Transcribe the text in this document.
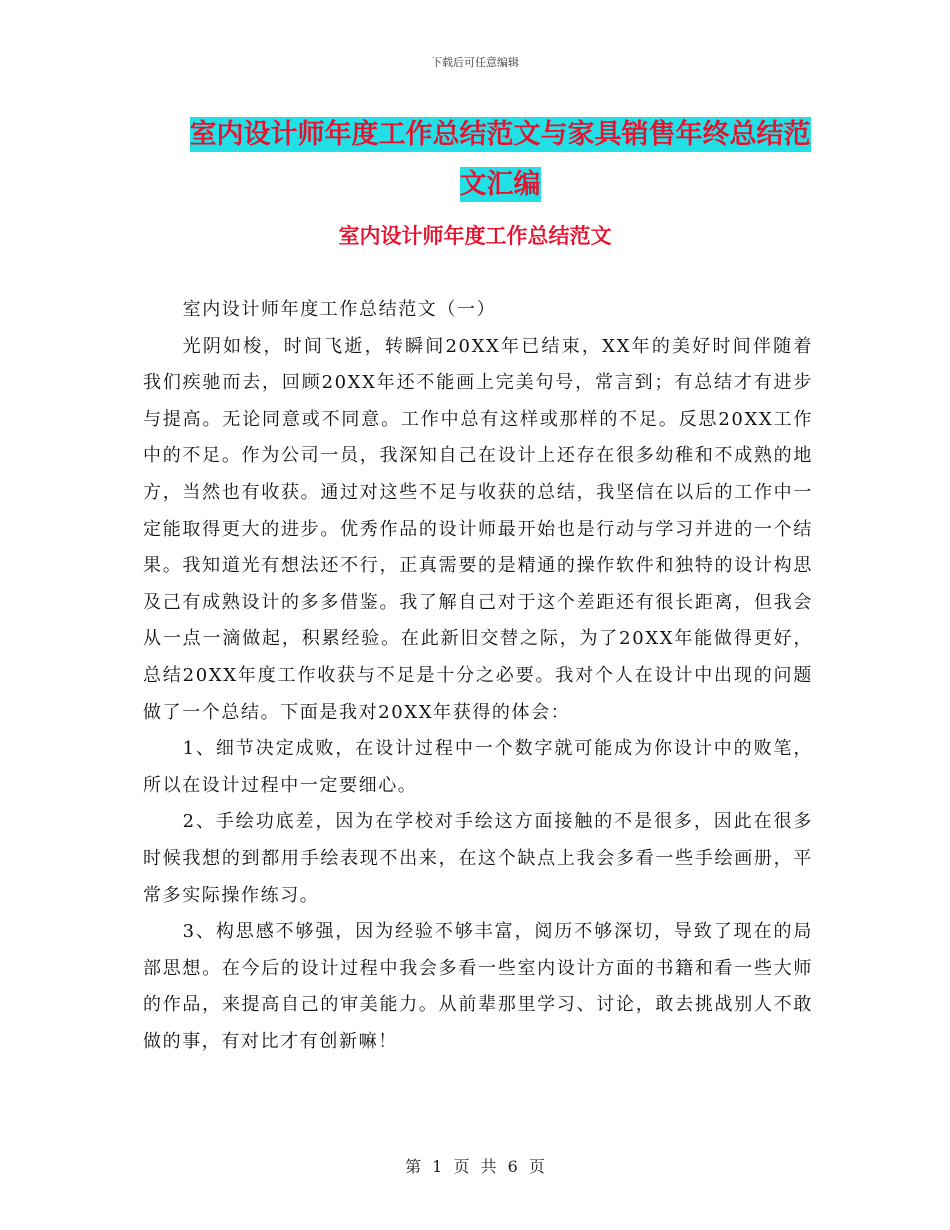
下载后可任意编辑
室内设计师年度工作总结范文与家具销售年终总结范
文汇编
室内设计师年度工作总结范文

室内设计师年度工作总结范文（一）

光阴如梭，时间飞逝，转瞬间20XX年已结束，XX年的美好时间伴随着我们疾驰而去，回顾20XX年还不能画上完美句号，常言到；有总结才有进步与提高。无论同意或不同意。工作中总有这样或那样的不足。反思20XX工作中的不足。作为公司一员，我深知自己在设计上还存在很多幼稚和不成熟的地方，当然也有收获。通过对这些不足与收获的总结，我坚信在以后的工作中一定能取得更大的进步。优秀作品的设计师最开始也是行动与学习并进的一个结果。我知道光有想法还不行，正真需要的是精通的操作软件和独特的设计构思及己有成熟设计的多多借鉴。我了解自己对于这个差距还有很长距离，但我会从一点一滴做起，积累经验。在此新旧交替之际，为了20XX年能做得更好，总结20XX年度工作收获与不足是十分之必要。我对个人在设计中出现的问题做了一个总结。下面是我对20XX年获得的体会：

1、细节决定成败，在设计过程中一个数字就可能成为你设计中的败笔，所以在设计过程中一定要细心。

2、手绘功底差，因为在学校对手绘这方面接触的不是很多，因此在很多时候我想的到都用手绘表现不出来，在这个缺点上我会多看一些手绘画册，平常多实际操作练习。

3、构思感不够强，因为经验不够丰富，阅历不够深切，导致了现在的局部思想。在今后的设计过程中我会多看一些室内设计方面的书籍和看一些大师的作品，来提高自己的审美能力。从前辈那里学习、讨论，敢去挑战别人不敢做的事，有对比才有创新嘛！

第 1 页 共 6 页
